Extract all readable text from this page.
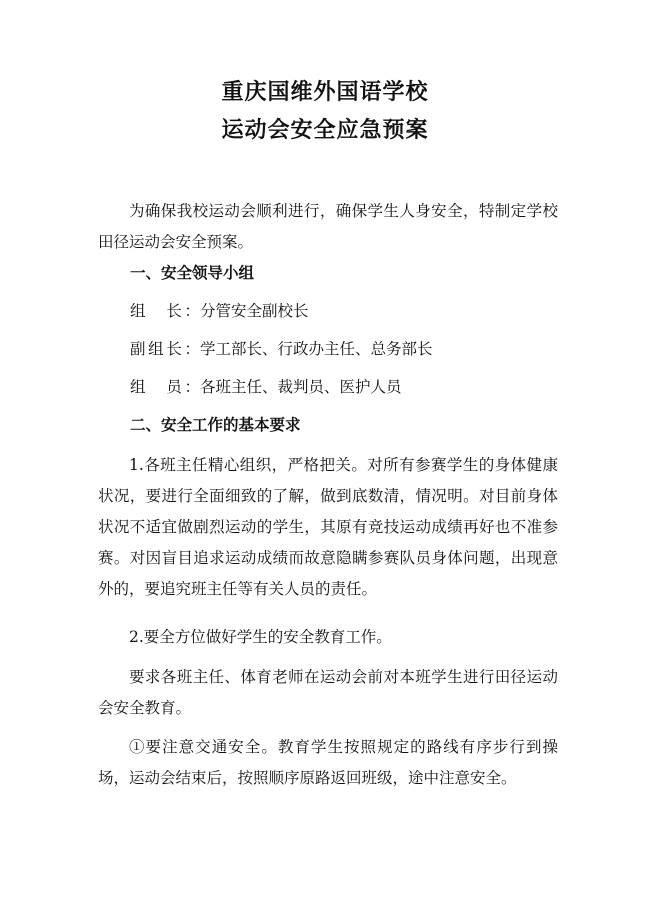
重庆国维外国语学校
运动会安全应急预案

为确保我校运动会顺利进行，确保学生人身安全，特制定学校田径运动会安全预案。

一、安全领导小组

组　长：分管安全副校长

副组长：学工部长、行政办主任、总务部长

组　员：各班主任、裁判员、医护人员

二、安全工作的基本要求

1.各班主任精心组织，严格把关。对所有参赛学生的身体健康状况，要进行全面细致的了解，做到底数清，情况明。对目前身体状况不适宜做剧烈运动的学生，其原有竞技运动成绩再好也不准参赛。对因盲目追求运动成绩而故意隐瞒参赛队员身体问题，出现意外的，要追究班主任等有关人员的责任。

2.要全方位做好学生的安全教育工作。

要求各班主任、体育老师在运动会前对本班学生进行田径运动会安全教育。

①要注意交通安全。教育学生按照规定的路线有序步行到操场，运动会结束后，按照顺序原路返回班级，途中注意安全。
